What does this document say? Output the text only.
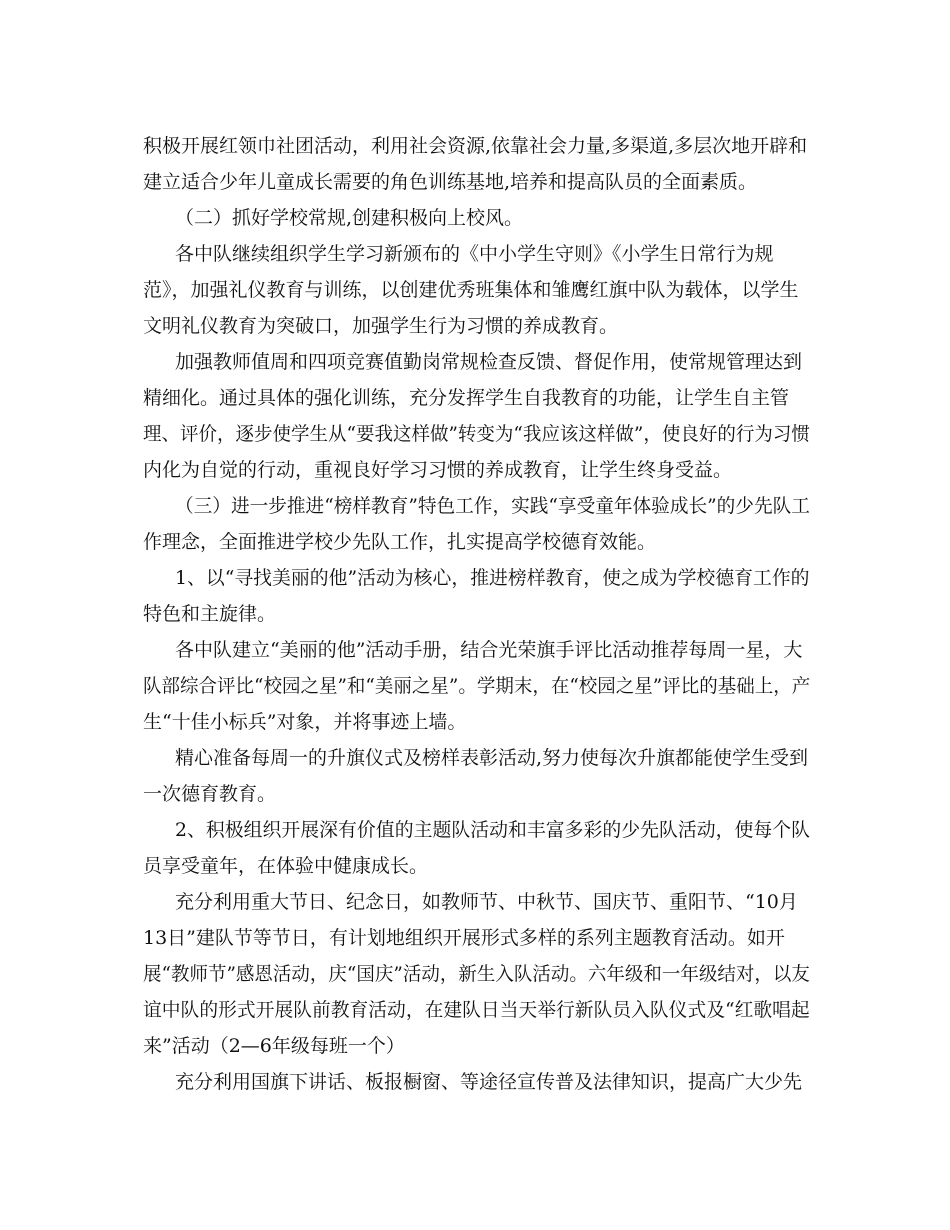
积极开展红领巾社团活动，利用社会资源,依靠社会力量,多渠道,多层次地开辟和
建立适合少年儿童成长需要的角色训练基地,培养和提高队员的全面素质。
（二）抓好学校常规,创建积极向上校风。
各中队继续组织学生学习新颁布的《中小学生守则》《小学生日常行为规
范》，加强礼仪教育与训练，以创建优秀班集体和雏鹰红旗中队为载体，以学生
文明礼仪教育为突破口，加强学生行为习惯的养成教育。
加强教师值周和四项竞赛值勤岗常规检查反馈、督促作用，使常规管理达到
精细化。通过具体的强化训练，充分发挥学生自我教育的功能，让学生自主管
理、评价，逐步使学生从“要我这样做”转变为“我应该这样做”，使良好的行为习惯
内化为自觉的行动，重视良好学习习惯的养成教育，让学生终身受益。
（三）进一步推进“榜样教育”特色工作，实践“享受童年体验成长”的少先队工
作理念，全面推进学校少先队工作，扎实提高学校德育效能。
1、以“寻找美丽的他”活动为核心，推进榜样教育，使之成为学校德育工作的
特色和主旋律。
各中队建立“美丽的他”活动手册，结合光荣旗手评比活动推荐每周一星，大
队部综合评比“校园之星”和“美丽之星”。学期末，在“校园之星”评比的基础上，产
生“十佳小标兵”对象，并将事迹上墙。
精心准备每周一的升旗仪式及榜样表彰活动,努力使每次升旗都能使学生受到
一次德育教育。
2、积极组织开展深有价值的主题队活动和丰富多彩的少先队活动，使每个队
员享受童年，在体验中健康成长。
充分利用重大节日、纪念日，如教师节、中秋节、国庆节、重阳节、“10月
13日”建队节等节日，有计划地组织开展形式多样的系列主题教育活动。如开
展“教师节”感恩活动，庆“国庆”活动，新生入队活动。六年级和一年级结对，以友
谊中队的形式开展队前教育活动，在建队日当天举行新队员入队仪式及“红歌唱起
来”活动（2—6年级每班一个）
充分利用国旗下讲话、板报橱窗、等途径宣传普及法律知识，提高广大少先
